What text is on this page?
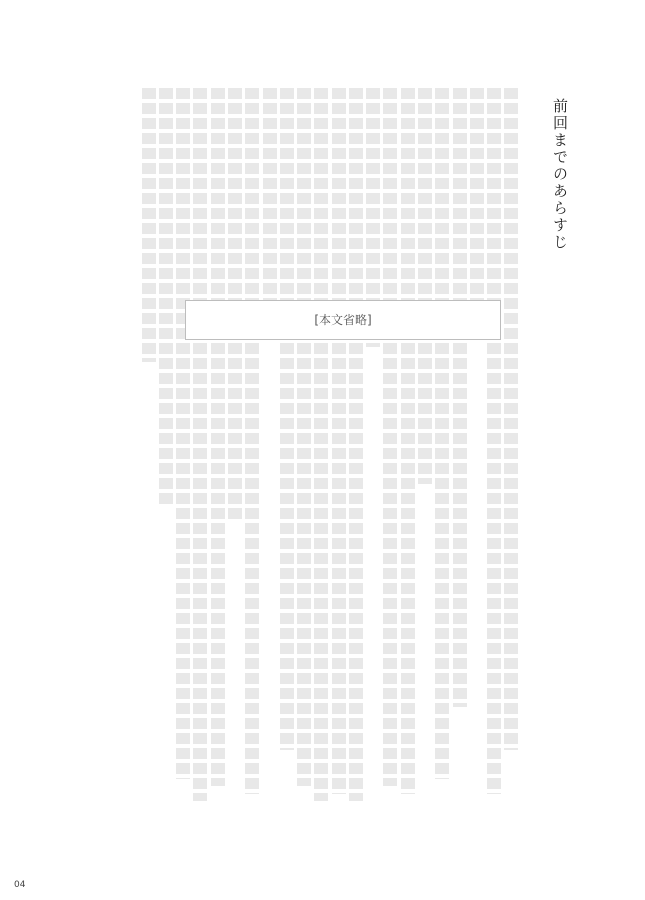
前回までのあらすじ
[本文省略]
04
